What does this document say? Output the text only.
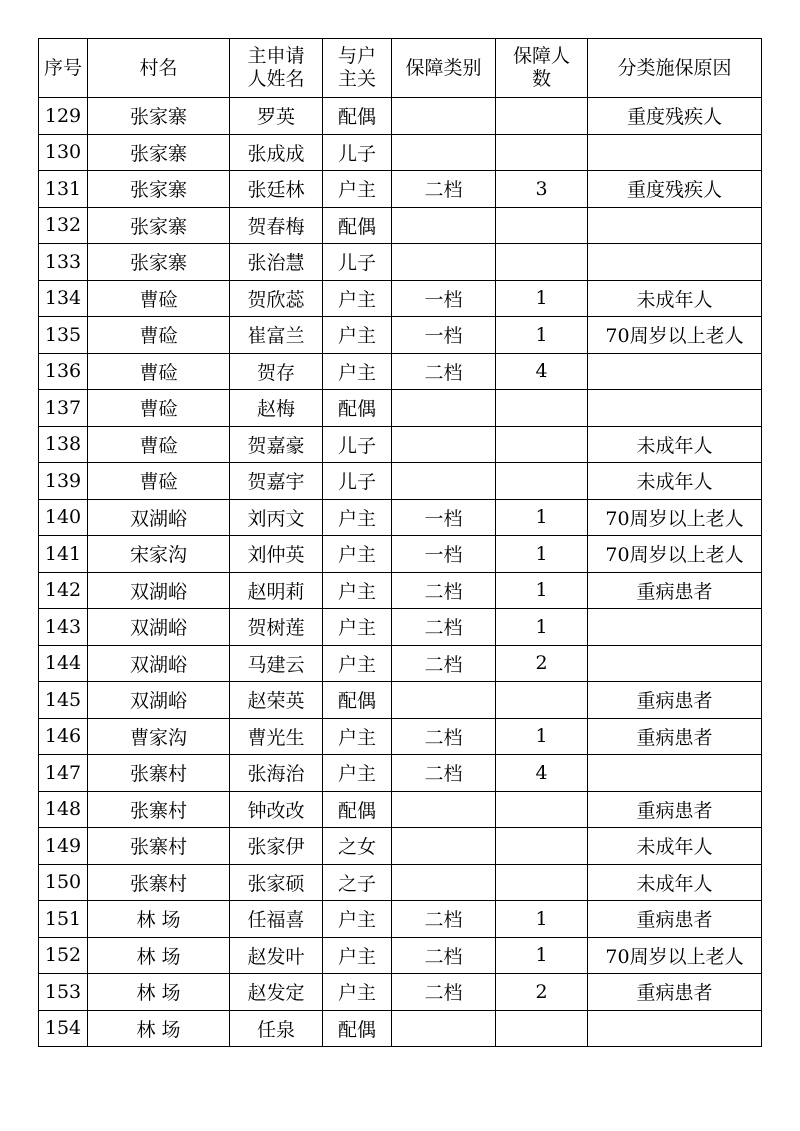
序号	村名	主申请人姓名	与户主关	保障类别	保障人数	分类施保原因
129	张家寨	罗英	配偶			重度残疾人
130	张家寨	张成成	儿子			
131	张家寨	张廷林	户主	二档	3	重度残疾人
132	张家寨	贺春梅	配偶			
133	张家寨	张治慧	儿子			
134	曹硷	贺欣蕊	户主	一档	1	未成年人
135	曹硷	崔富兰	户主	一档	1	70周岁以上老人
136	曹硷	贺存	户主	二档	4	
137	曹硷	赵梅	配偶			
138	曹硷	贺嘉豪	儿子			未成年人
139	曹硷	贺嘉宇	儿子			未成年人
140	双湖峪	刘丙文	户主	一档	1	70周岁以上老人
141	宋家沟	刘仲英	户主	一档	1	70周岁以上老人
142	双湖峪	赵明莉	户主	二档	1	重病患者
143	双湖峪	贺树莲	户主	二档	1	
144	双湖峪	马建云	户主	二档	2	
145	双湖峪	赵荣英	配偶			重病患者
146	曹家沟	曹光生	户主	二档	1	重病患者
147	张寨村	张海治	户主	二档	4	
148	张寨村	钟改改	配偶			重病患者
149	张寨村	张家伊	之女			未成年人
150	张寨村	张家硕	之子			未成年人
151	林 场	任福喜	户主	二档	1	重病患者
152	林 场	赵发叶	户主	二档	1	70周岁以上老人
153	林 场	赵发定	户主	二档	2	重病患者
154	林 场	任泉	配偶			
